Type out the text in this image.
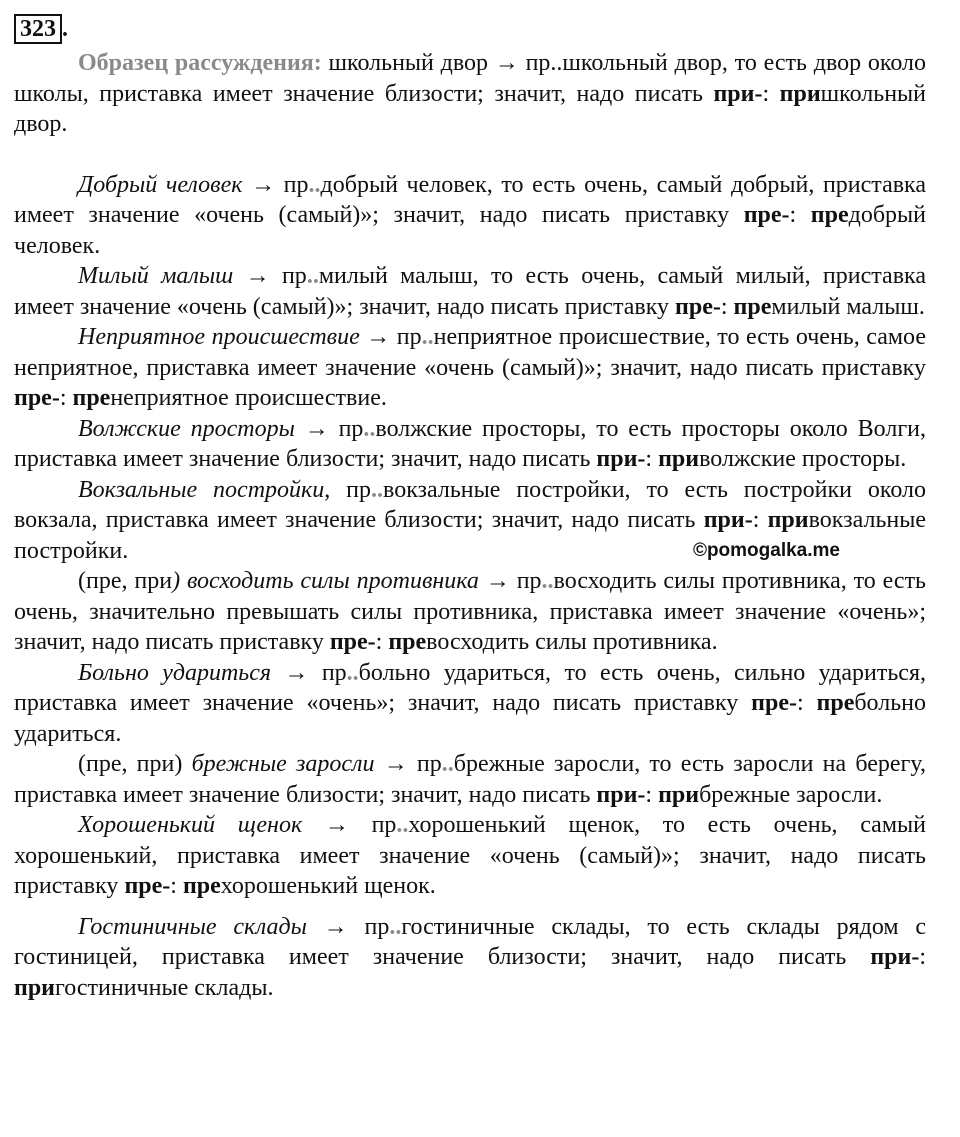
323 .

Образец рассуждения: школьный двор → пр..школьный двор, то есть двор около школы, приставка имеет значение близости; значит, надо писать при-: пришкольный двор.

Добрый человек → пр..добрый человек, то есть очень, самый добрый, приставка имеет значение «очень (самый)»; значит, надо писать приставку пре-: предобрый человек.

Милый малыш → пр..милый малыш, то есть очень, самый милый, приставка имеет значение «очень (самый)»; значит, надо писать приставку пре-: премилый малыш.

Неприятное происшествие → пр..неприятное происшествие, то есть очень, самое неприятное, приставка имеет значение «очень (самый)»; значит, надо писать приставку пре-: пренеприятное происшествие.

Волжские просторы → пр..волжские просторы, то есть просторы около Волги, приставка имеет значение близости; значит, надо писать при-: приволжские просторы.

Вокзальные постройки, пр..вокзальные постройки, то есть постройки около вокзала, приставка имеет значение близости; значит, надо писать при-: привокзальные постройки.	©pomogalka.me

(пре, при) восходить силы противника → пр..восходить силы противника, то есть очень, значительно превышать силы противника, приставка имеет значение «очень»; значит, надо писать приставку пре-: превосходить силы противника.

Больно удариться → пр..больно удариться, то есть очень, сильно удариться, приставка имеет значение «очень»; значит, надо писать приставку пре-: пребольно удариться.

(пре, при) брежные заросли → пр..брежные заросли, то есть заросли на берегу, приставка имеет значение близости; значит, надо писать при-: прибрежные заросли.

Хорошенький щенок → пр..хорошенький щенок, то есть очень, самый хорошенький, приставка имеет значение «очень (самый)»; значит, надо писать приставку пре-: прехорошенький щенок.

Гостиничные склады → пр..гостиничные склады, то есть склады рядом с гостиницей, приставка имеет значение близости; значит, надо писать при-: пригостиничные склады.
